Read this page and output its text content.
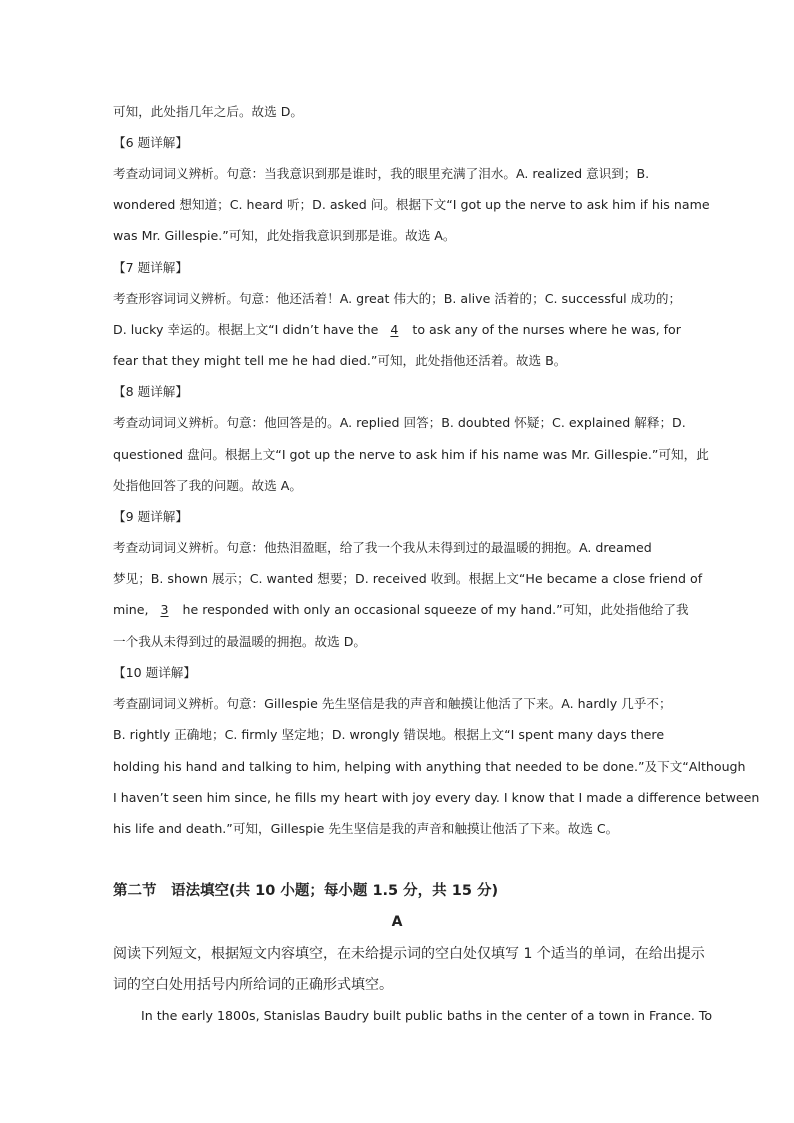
可知，此处指几年之后。故选 D。
【6 题详解】
考查动词词义辨析。句意：当我意识到那是谁时，我的眼里充满了泪水。A. realized 意识到；B.
wondered 想知道；C. heard 听；D. asked 问。根据下文“I got up the nerve to ask him if his name
was Mr. Gillespie.”可知，此处指我意识到那是谁。故选 A。
【7 题详解】
考查形容词词义辨析。句意：他还活着！A. great 伟大的；B. alive 活着的；C. successful 成功的；
D. lucky 幸运的。根据上文“I didn’t have the 4 to ask any of the nurses where he was, for
fear that they might tell me he had died.”可知，此处指他还活着。故选 B。
【8 题详解】
考查动词词义辨析。句意：他回答是的。A. replied 回答；B. doubted 怀疑；C. explained 解释；D.
questioned 盘问。根据上文“I got up the nerve to ask him if his name was Mr. Gillespie.”可知，此
处指他回答了我的问题。故选 A。
【9 题详解】
考查动词词义辨析。句意：他热泪盈眶，给了我一个我从未得到过的最温暖的拥抱。A. dreamed
梦见；B. shown 展示；C. wanted 想要；D. received 收到。根据上文“He became a close friend of
mine, 3 he responded with only an occasional squeeze of my hand.”可知，此处指他给了我
一个我从未得到过的最温暖的拥抱。故选 D。
【10 题详解】
考查副词词义辨析。句意：Gillespie 先生坚信是我的声音和触摸让他活了下来。A. hardly 几乎不；
B. rightly 正确地；C. firmly 坚定地；D. wrongly 错误地。根据上文“I spent many days there
holding his hand and talking to him, helping with anything that needed to be done.”及下文“Although
I haven’t seen him since, he fills my heart with joy every day. I know that I made a difference between
his life and death.”可知，Gillespie 先生坚信是我的声音和触摸让他活了下来。故选 C。
第二节　语法填空(共 10 小题；每小题 1.5 分，共 15 分)
A
阅读下列短文，根据短文内容填空，在未给提示词的空白处仅填写 1 个适当的单词，在给出提示
词的空白处用括号内所给词的正确形式填空。
In the early 1800s, Stanislas Baudry built public baths in the center of a town in France. To
